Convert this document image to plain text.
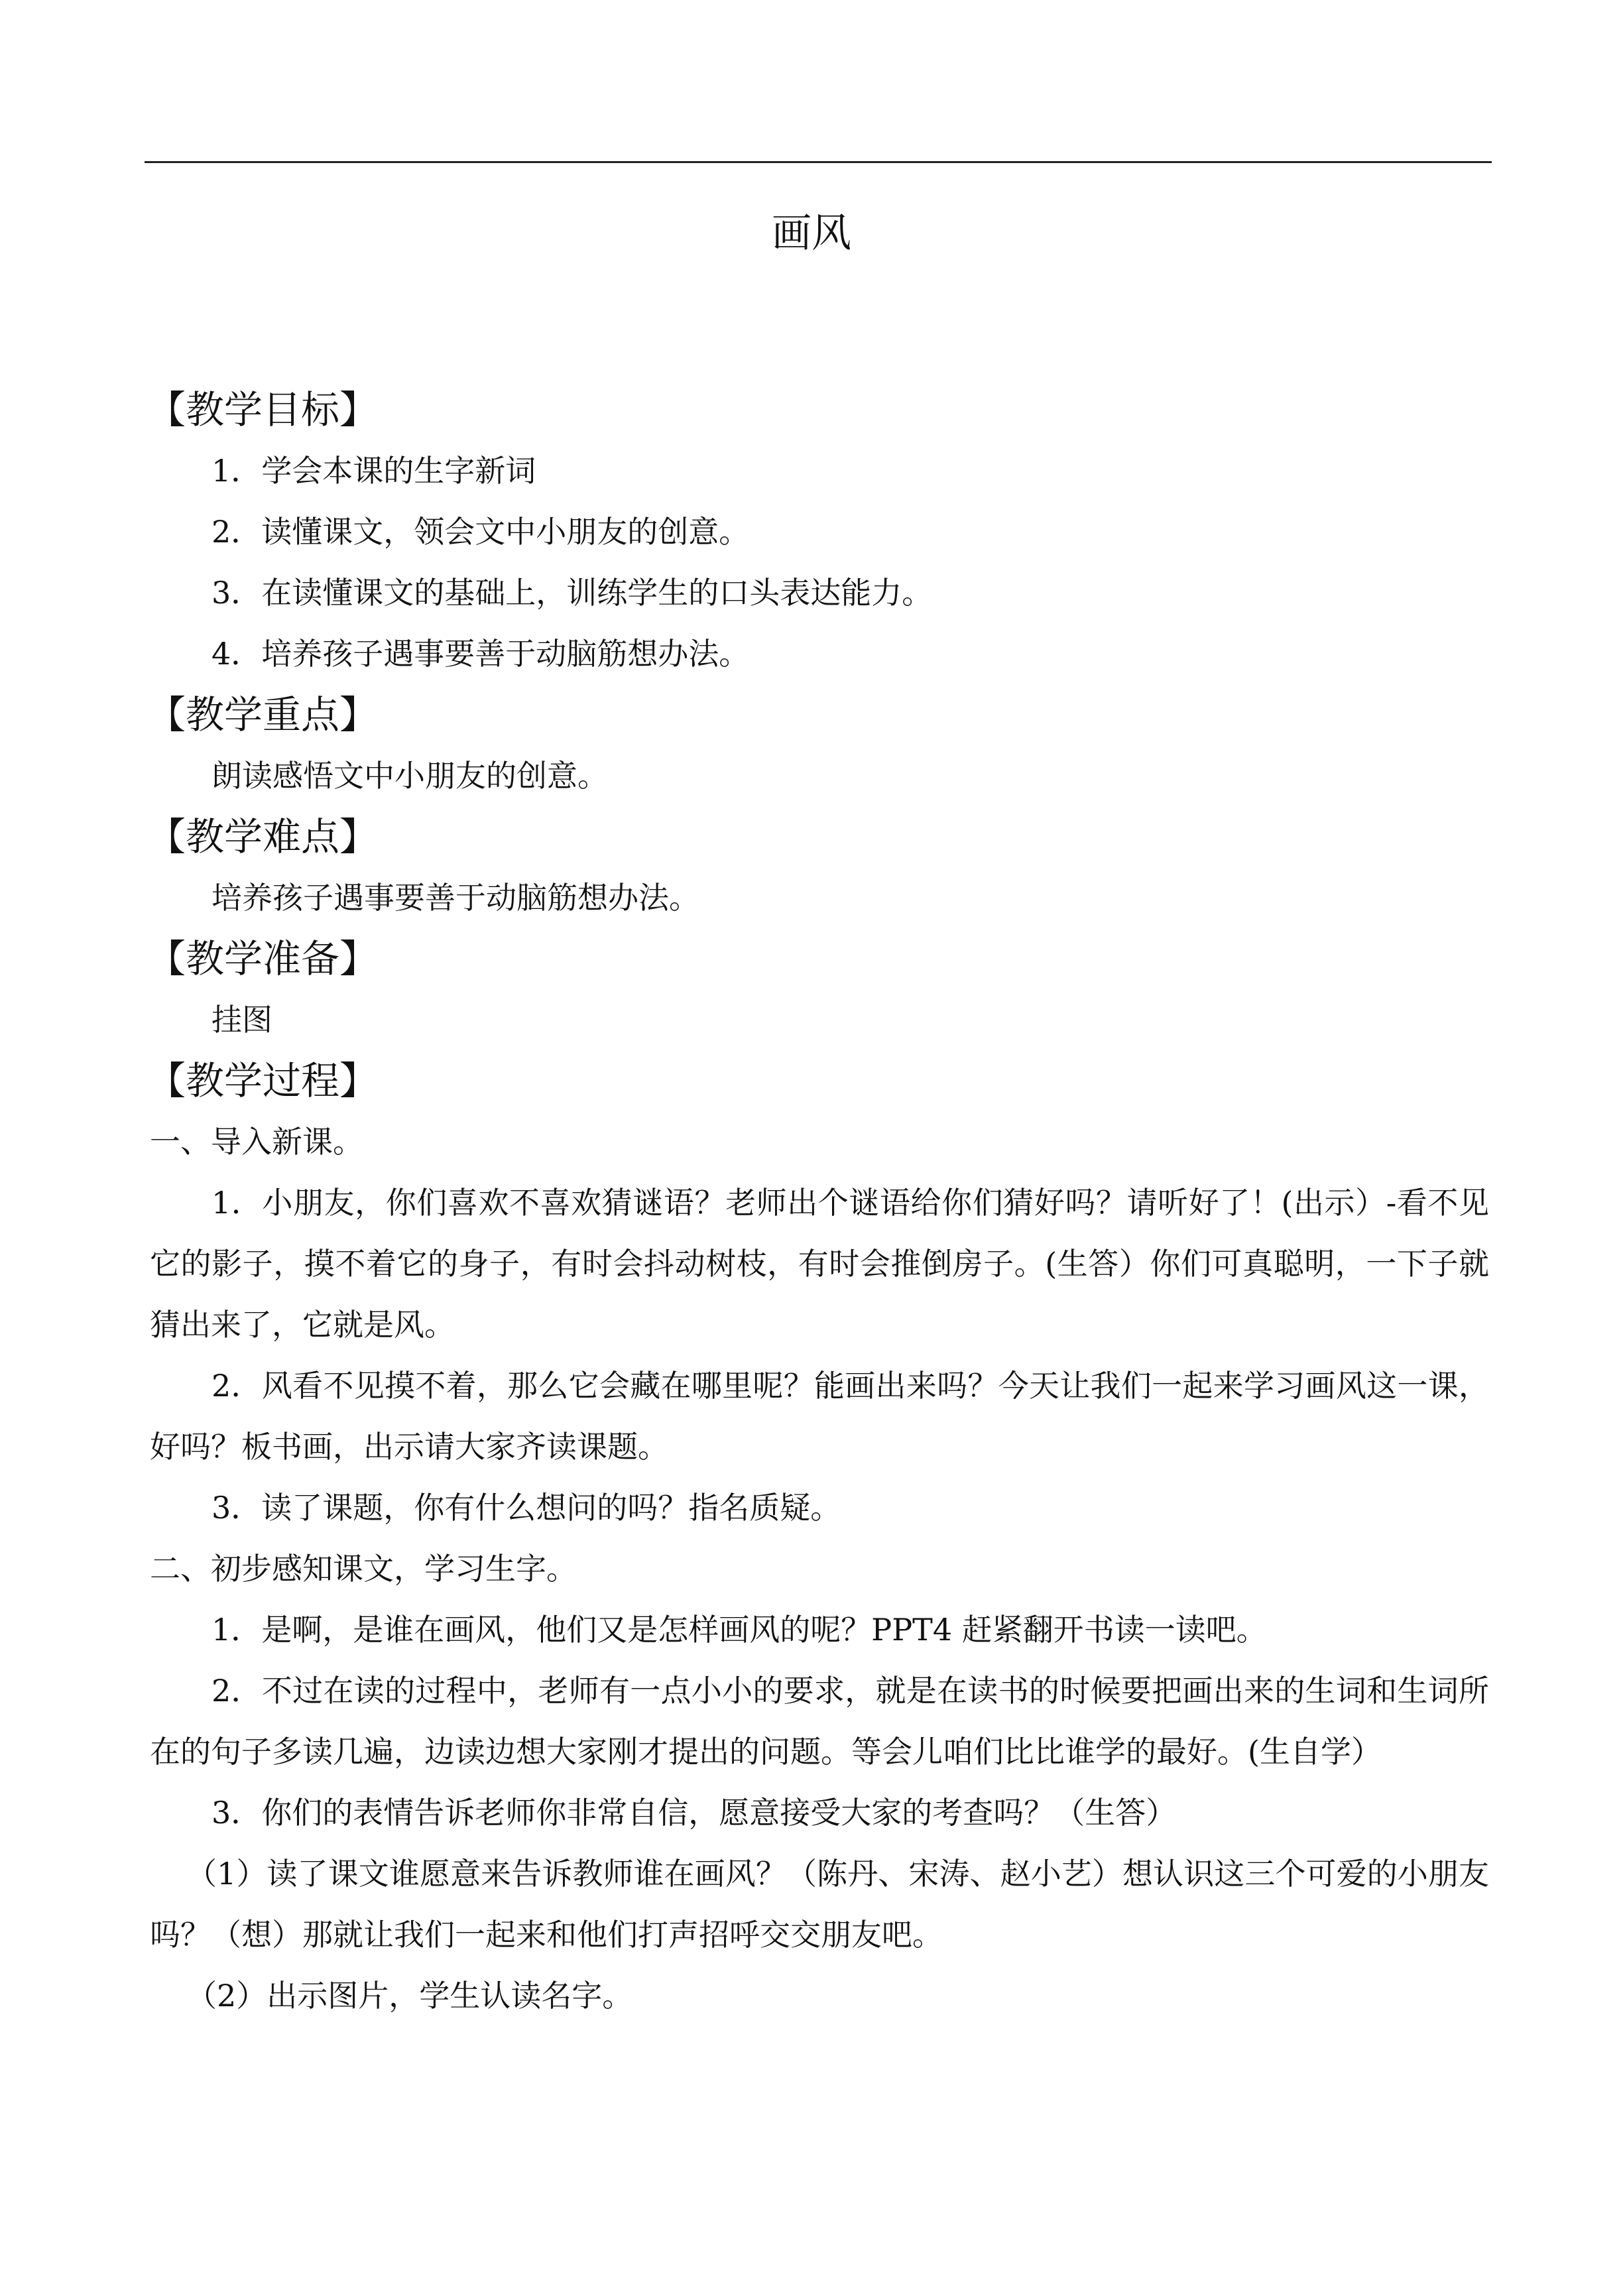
画风
【教学目标】
1．学会本课的生字新词
2．读懂课文，领会文中小朋友的创意。
3．在读懂课文的基础上，训练学生的口头表达能力。
4．培养孩子遇事要善于动脑筋想办法。
【教学重点】
朗读感悟文中小朋友的创意。
【教学难点】
培养孩子遇事要善于动脑筋想办法。
【教学准备】
挂图
【教学过程】
一、导入新课。
1．小朋友，你们喜欢不喜欢猜谜语？老师出个谜语给你们猜好吗？请听好了！(出示）-看不见它的影子，摸不着它的身子，有时会抖动树枝，有时会推倒房子。(生答）你们可真聪明，一下子就猜出来了，它就是风。
2．风看不见摸不着，那么它会藏在哪里呢？能画出来吗？今天让我们一起来学习画风这一课，好吗？板书画，出示请大家齐读课题。
3．读了课题，你有什么想问的吗？指名质疑。
二、初步感知课文，学习生字。
1．是啊，是谁在画风，他们又是怎样画风的呢？PPT4 赶紧翻开书读一读吧。
2．不过在读的过程中，老师有一点小小的要求，就是在读书的时候要把画出来的生词和生词所在的句子多读几遍，边读边想大家刚才提出的问题。等会儿咱们比比谁学的最好。(生自学）
3．你们的表情告诉老师你非常自信，愿意接受大家的考查吗？（生答）
（1）读了课文谁愿意来告诉教师谁在画风？（陈丹、宋涛、赵小艺）想认识这三个可爱的小朋友吗？（想）那就让我们一起来和他们打声招呼交交朋友吧。
（2）出示图片，学生认读名字。
